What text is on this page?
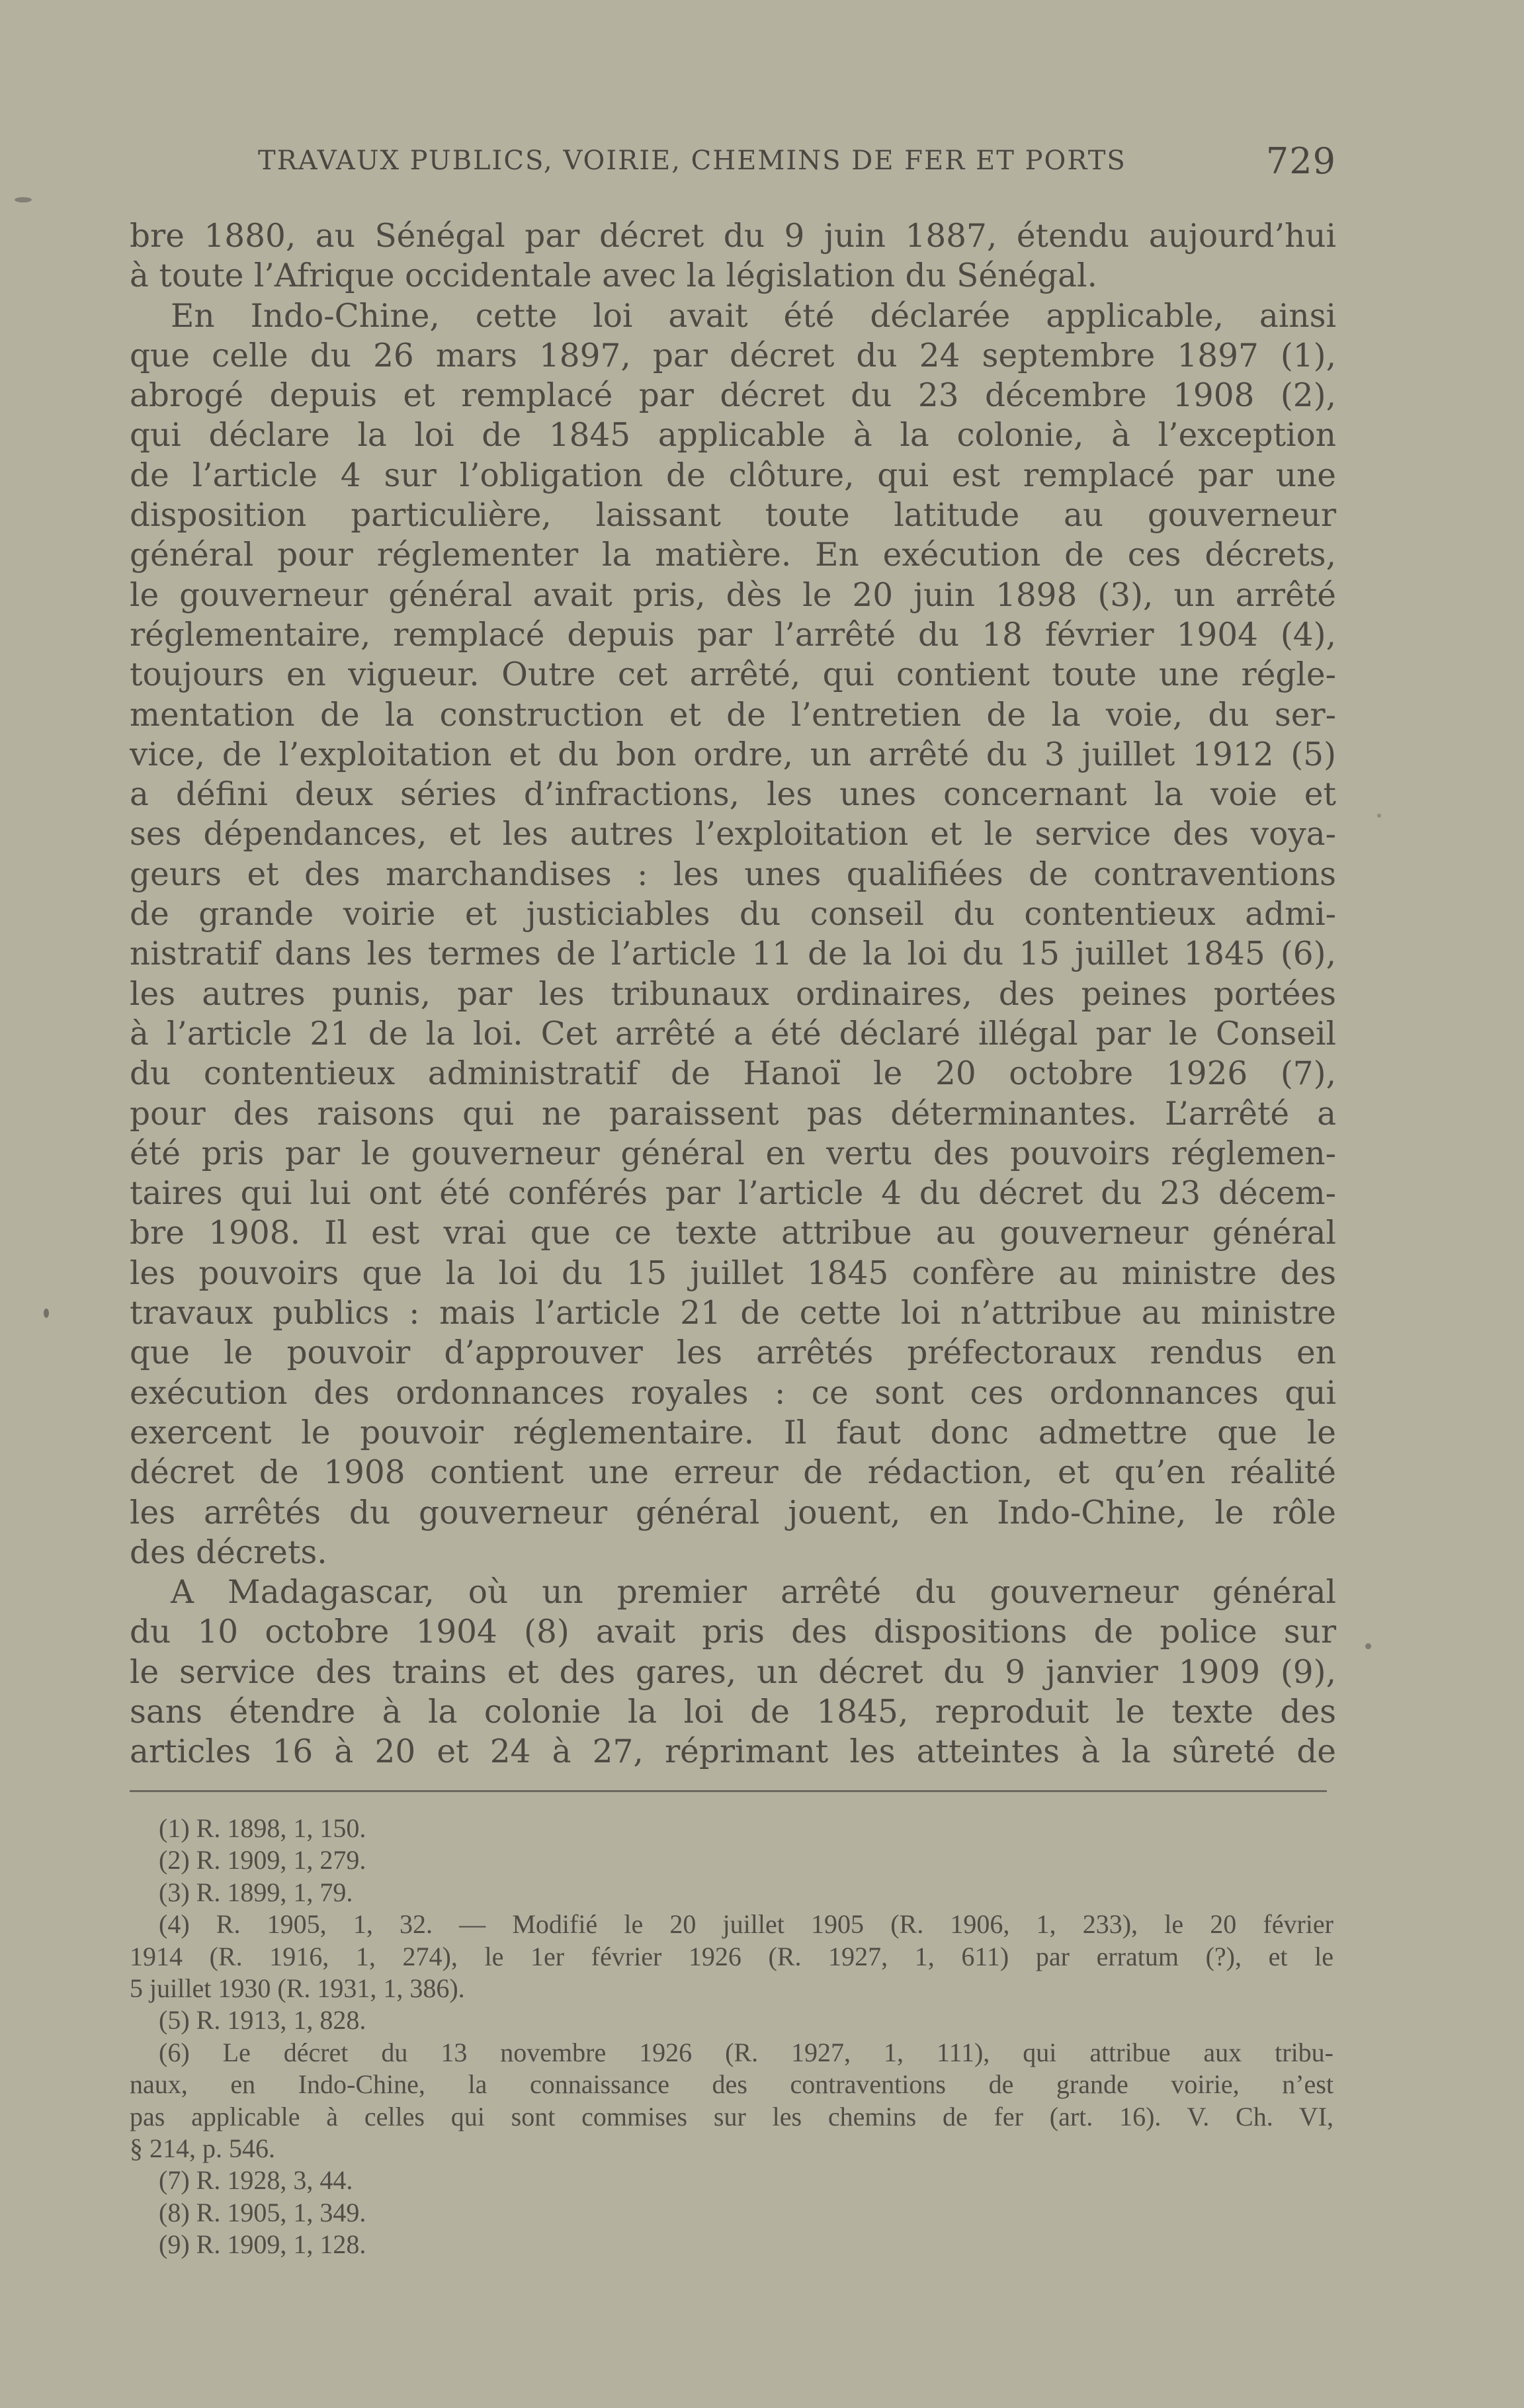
TRAVAUX PUBLICS, VOIRIE, CHEMINS DE FER ET PORTS	729
bre 1880, au Sénégal par décret du 9 juin 1887, étendu aujourd’hui
à toute l’Afrique occidentale avec la législation du Sénégal.
En Indo-Chine, cette loi avait été déclarée applicable, ainsi
que celle du 26 mars 1897, par décret du 24 septembre 1897 (1),
abrogé depuis et remplacé par décret du 23 décembre 1908 (2),
qui déclare la loi de 1845 applicable à la colonie, à l’exception
de l’article 4 sur l’obligation de clôture, qui est remplacé par une
disposition particulière, laissant toute latitude au gouverneur
général pour réglementer la matière. En exécution de ces décrets,
le gouverneur général avait pris, dès le 20 juin 1898 (3), un arrêté
réglementaire, remplacé depuis par l’arrêté du 18 février 1904 (4),
toujours en vigueur. Outre cet arrêté, qui contient toute une régle-
mentation de la construction et de l’entretien de la voie, du ser-
vice, de l’exploitation et du bon ordre, un arrêté du 3 juillet 1912 (5)
a défini deux séries d’infractions, les unes concernant la voie et
ses dépendances, et les autres l’exploitation et le service des voya-
geurs et des marchandises : les unes qualifiées de contraventions
de grande voirie et justiciables du conseil du contentieux admi-
nistratif dans les termes de l’article 11 de la loi du 15 juillet 1845 (6),
les autres punis, par les tribunaux ordinaires, des peines portées
à l’article 21 de la loi. Cet arrêté a été déclaré illégal par le Conseil
du contentieux administratif de Hanoï le 20 octobre 1926 (7),
pour des raisons qui ne paraissent pas déterminantes. L’arrêté a
été pris par le gouverneur général en vertu des pouvoirs réglemen-
taires qui lui ont été conférés par l’article 4 du décret du 23 décem-
bre 1908. Il est vrai que ce texte attribue au gouverneur général
les pouvoirs que la loi du 15 juillet 1845 confère au ministre des
travaux publics : mais l’article 21 de cette loi n’attribue au ministre
que le pouvoir d’approuver les arrêtés préfectoraux rendus en
exécution des ordonnances royales : ce sont ces ordonnances qui
exercent le pouvoir réglementaire. Il faut donc admettre que le
décret de 1908 contient une erreur de rédaction, et qu’en réalité
les arrêtés du gouverneur général jouent, en Indo-Chine, le rôle
des décrets.
A Madagascar, où un premier arrêté du gouverneur général
du 10 octobre 1904 (8) avait pris des dispositions de police sur
le service des trains et des gares, un décret du 9 janvier 1909 (9),
sans étendre à la colonie la loi de 1845, reproduit le texte des
articles 16 à 20 et 24 à 27, réprimant les atteintes à la sûreté de
(1) R. 1898, 1, 150.
(2) R. 1909, 1, 279.
(3) R. 1899, 1, 79.
(4) R. 1905, 1, 32. — Modifié le 20 juillet 1905 (R. 1906, 1, 233), le 20 février
1914 (R. 1916, 1, 274), le 1er février 1926 (R. 1927, 1, 611) par erratum (?), et le
5 juillet 1930 (R. 1931, 1, 386).
(5) R. 1913, 1, 828.
(6) Le décret du 13 novembre 1926 (R. 1927, 1, 111), qui attribue aux tribu-
naux, en Indo-Chine, la connaissance des contraventions de grande voirie, n’est
pas applicable à celles qui sont commises sur les chemins de fer (art. 16). V. Ch. VI,
§ 214, p. 546.
(7) R. 1928, 3, 44.
(8) R. 1905, 1, 349.
(9) R. 1909, 1, 128.
